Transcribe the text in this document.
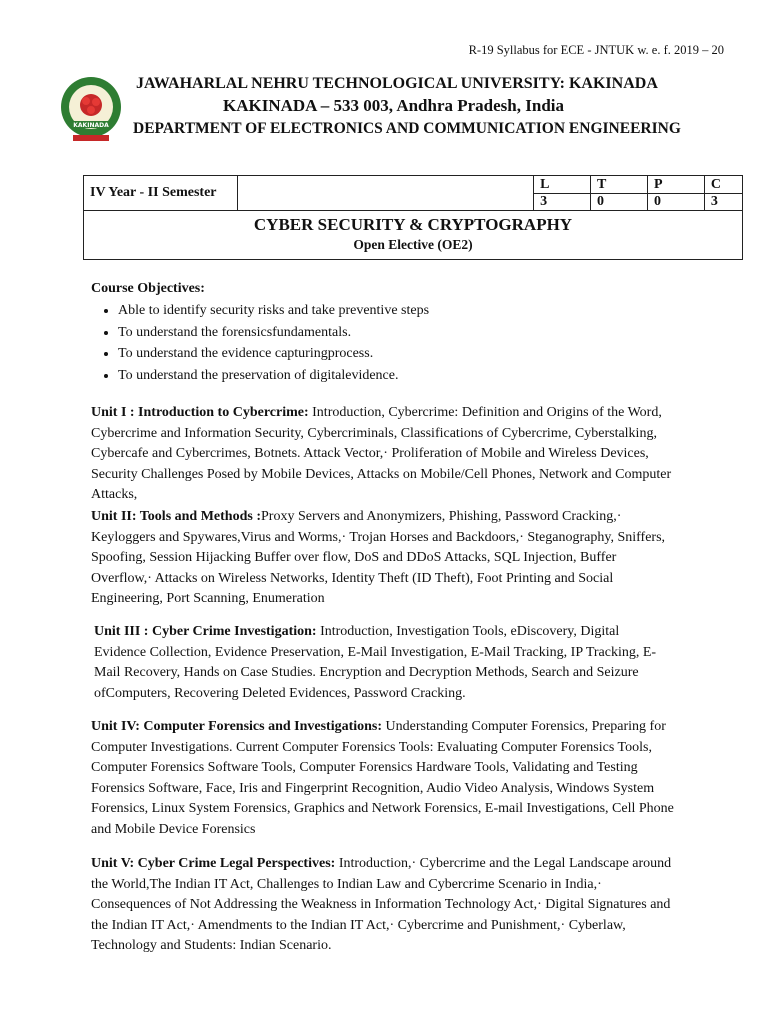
R-19 Syllabus for ECE - JNTUK w. e. f. 2019 – 20
KAKINADA
JAWAHARLAL NEHRU TECHNOLOGICAL UNIVERSITY: KAKINADA
KAKINADA – 533 003, Andhra Pradesh, India
DEPARTMENT OF ELECTRONICS AND COMMUNICATION ENGINEERING
IV Year - II Semester		L	T	P	C
		3	0	0	3

CYBER SECURITY & CRYPTOGRAPHY
Open Elective (OE2)					
Course Objectives:
• Able to identify security risks and take preventive steps
• To understand the forensicsfundamentals.
• To understand the evidence capturingprocess.
• To understand the preservation of digitalevidence.
Unit I : Introduction to Cybercrime: Introduction, Cybercrime: Definition and Origins of the Word, Cybercrime and Information Security, Cybercriminals, Classifications of Cybercrime, Cyberstalking, Cybercafe and Cybercrimes, Botnets. Attack Vector,· Proliferation of Mobile and Wireless Devices, Security Challenges Posed by Mobile Devices, Attacks on Mobile/Cell Phones, Network and Computer Attacks,
Unit II: Tools and Methods :Proxy Servers and Anonymizers, Phishing, Password Cracking,· Keyloggers and Spywares,Virus and Worms,· Trojan Horses and Backdoors,· Steganography, Sniffers, Spoofing, Session Hijacking Buffer over flow, DoS and DDoS Attacks, SQL Injection, Buffer Overflow,· Attacks on Wireless Networks, Identity Theft (ID Theft), Foot Printing and Social Engineering, Port Scanning, Enumeration
Unit III : Cyber Crime Investigation: Introduction, Investigation Tools, eDiscovery, Digital Evidence Collection, Evidence Preservation, E-Mail Investigation, E-Mail Tracking, IP Tracking, E-Mail Recovery, Hands on Case Studies. Encryption and Decryption Methods, Search and Seizure ofComputers, Recovering Deleted Evidences, Password Cracking.
Unit IV: Computer Forensics and Investigations: Understanding Computer Forensics, Preparing for Computer Investigations. Current Computer Forensics Tools: Evaluating Computer Forensics Tools, Computer Forensics Software Tools, Computer Forensics Hardware Tools, Validating and Testing Forensics Software, Face, Iris and Fingerprint Recognition, Audio Video Analysis, Windows System Forensics, Linux System Forensics, Graphics and Network Forensics, E-mail Investigations, Cell Phone and Mobile Device Forensics
Unit V: Cyber Crime Legal Perspectives: Introduction,· Cybercrime and the Legal Landscape around the World,The Indian IT Act, Challenges to Indian Law and Cybercrime Scenario in India,· Consequences of Not Addressing the Weakness in Information Technology Act,· Digital Signatures and the Indian IT Act,· Amendments to the Indian IT Act,· Cybercrime and Punishment,· Cyberlaw, Technology and Students: Indian Scenario.
